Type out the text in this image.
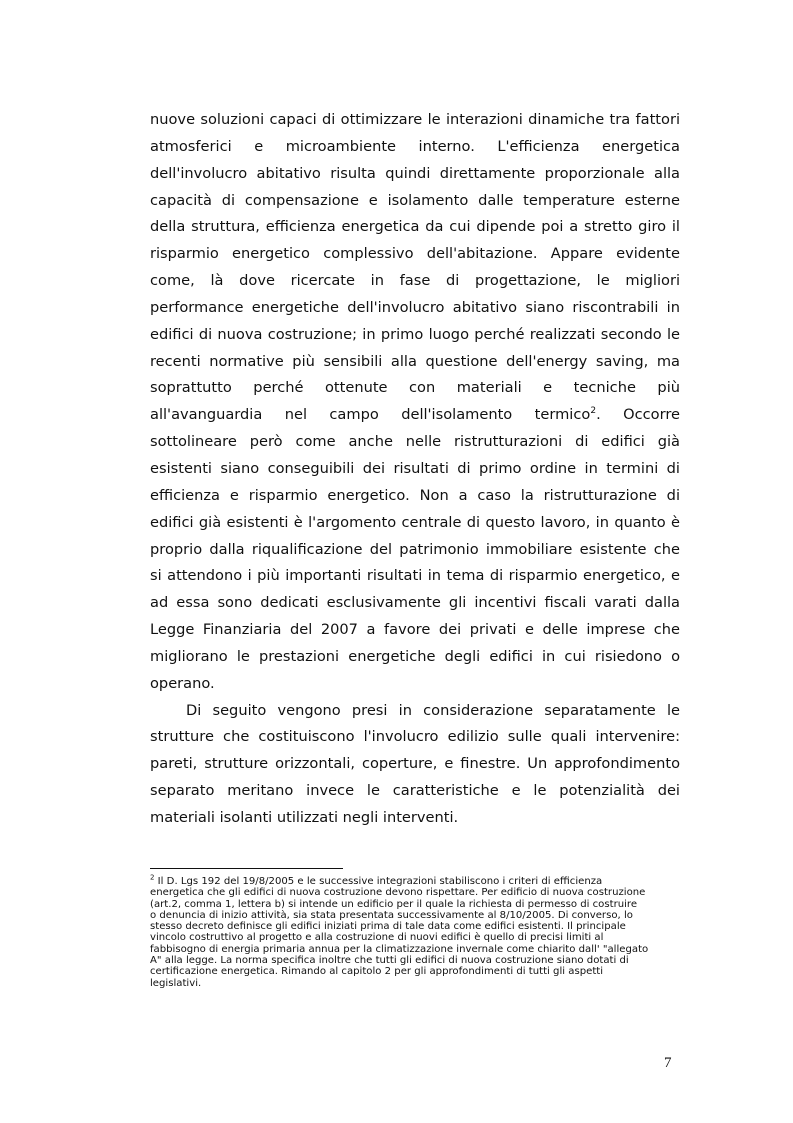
nuove soluzioni capaci di ottimizzare le interazioni dinamiche tra fattori
atmosferici e microambiente interno. L'efficienza energetica
dell'involucro abitativo risulta quindi direttamente proporzionale alla
capacità di compensazione e isolamento dalle temperature esterne
della struttura, efficienza energetica da cui dipende poi a stretto giro il
risparmio energetico complessivo dell'abitazione. Appare evidente
come, là dove ricercate in fase di progettazione, le migliori
performance energetiche dell'involucro abitativo siano riscontrabili in
edifici di nuova costruzione; in primo luogo perché realizzati secondo le
recenti normative più sensibili alla questione dell'energy saving, ma
soprattutto perché ottenute con materiali e tecniche più
all'avanguardia nel campo dell'isolamento termico$^2$. Occorre
sottolineare però come anche nelle ristrutturazioni di edifici già
esistenti siano conseguibili dei risultati di primo ordine in termini di
efficienza e risparmio energetico. Non a caso la ristrutturazione di
edifici già esistenti è l'argomento centrale di questo lavoro, in quanto è
proprio dalla riqualificazione del patrimonio immobiliare esistente che
si attendono i più importanti risultati in tema di risparmio energetico, e
ad essa sono dedicati esclusivamente gli incentivi fiscali varati dalla
Legge Finanziaria del 2007 a favore dei privati e delle imprese che
migliorano le prestazioni energetiche degli edifici in cui risiedono o
operano.
Di seguito vengono presi in considerazione separatamente le
strutture che costituiscono l'involucro edilizio sulle quali intervenire:
pareti, strutture orizzontali, coperture, e finestre. Un approfondimento
separato meritano invece le caratteristiche e le potenzialità dei
materiali isolanti utilizzati negli interventi.
$^2$ Il D. Lgs 192 del 19/8/2005 e le successive integrazioni stabiliscono i criteri di efficienza
energetica che gli edifici di nuova costruzione devono rispettare. Per edificio di nuova costruzione
(art.2, comma 1, lettera b) si intende un edificio per il quale la richiesta di permesso di costruire
o denuncia di inizio attività, sia stata presentata successivamente al 8/10/2005. Di converso, lo
stesso decreto definisce gli edifici iniziati prima di tale data come edifici esistenti. Il principale
vincolo costruttivo al progetto e alla costruzione di nuovi edifici è quello di precisi limiti al
fabbisogno di energia primaria annua per la climatizzazione invernale come chiarito dall' "allegato
A" alla legge. La norma specifica inoltre che tutti gli edifici di nuova costruzione siano dotati di
certificazione energetica. Rimando al capitolo 2 per gli approfondimenti di tutti gli aspetti
legislativi.
7
